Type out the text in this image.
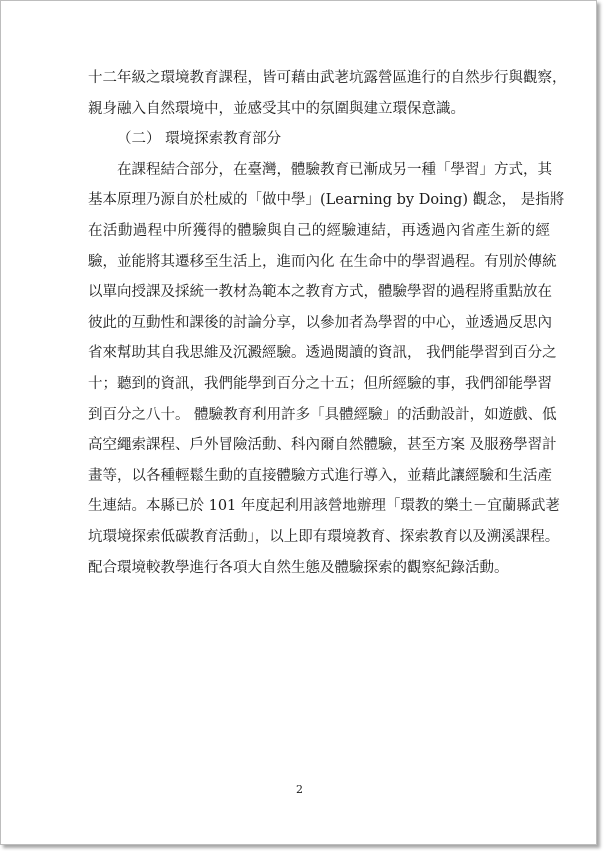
十二年級之環境教育課程，皆可藉由武荖坑露營區進行的自然步行與觀察，
親身融入自然環境中，並感受其中的氛圍與建立環保意識。
（二） 環境探索教育部分
在課程結合部分，在臺灣，體驗教育已漸成另一種「學習」方式，其
基本原理乃源自於杜威的「做中學」(Learning by Doing) 觀念， 是指將
在活動過程中所獲得的體驗與自己的經驗連結，再透過內省產生新的經
驗，並能將其遷移至生活上，進而內化 在生命中的學習過程。有別於傳統
以單向授課及採統一教材為範本之教育方式，體驗學習的過程將重點放在
彼此的互動性和課後的討論分享，以參加者為學習的中心，並透過反思內
省來幫助其自我思維及沉澱經驗。透過閱讀的資訊， 我們能學習到百分之
十；聽到的資訊，我們能學到百分之十五；但所經驗的事，我們卻能學習
到百分之八十。 體驗教育利用許多「具體經驗」的活動設計，如遊戲、低
高空繩索課程、戶外冒險活動、科內爾自然體驗，甚至方案 及服務學習計
畫等，以各種輕鬆生動的直接體驗方式進行導入，並藉此讓經驗和生活產
生連結。本縣已於 101 年度起利用該營地辦理「環教的樂土－宜蘭縣武荖
坑環境探索低碳教育活動」，以上即有環境教育、探索教育以及溯溪課程。
配合環境較教學進行各項大自然生態及體驗探索的觀察紀錄活動。
2
